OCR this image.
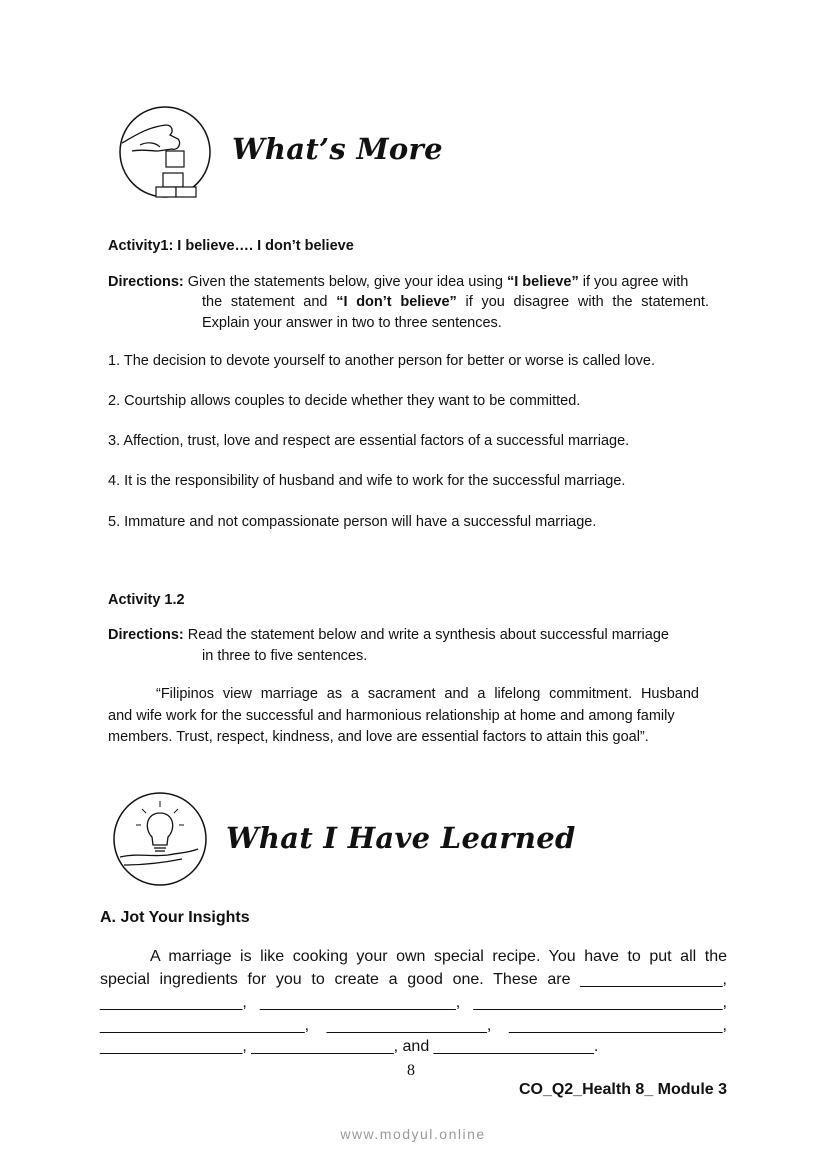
What’s More
Activity1: I believe…. I don’t believe
Directions: Given the statements below, give your idea using “I believe” if you agree with
the statement and “I don’t believe” if you disagree with the statement.
Explain your answer in two to three sentences.
1. The decision to devote yourself to another person for better or worse is called love.
2. Courtship allows couples to decide whether they want to be committed.
3. Affection, trust, love and respect are essential factors of a successful marriage.
4. It is the responsibility of husband and wife to work for the successful marriage.
5. Immature and not compassionate person will have a successful marriage.
Activity 1.2
Directions: Read the statement below and write a synthesis about successful marriage
in three to five sentences.
“Filipinos view marriage as a sacrament and a lifelong commitment. Husband
and wife work for the successful and harmonious relationship at home and among family
members. Trust, respect, kindness, and love are essential factors to attain this goal”.
What I Have Learned
A. Jot Your Insights
A marriage is like cooking your own special recipe. You have to put all the
special ingredients for you to create a good one. These are ________________,
________________, ______________________, ____________________________,
_______________________, __________________, ________________________,
________________, ________________, and __________________.
8
CO_Q2_Health 8_ Module 3
www.modyul.online
